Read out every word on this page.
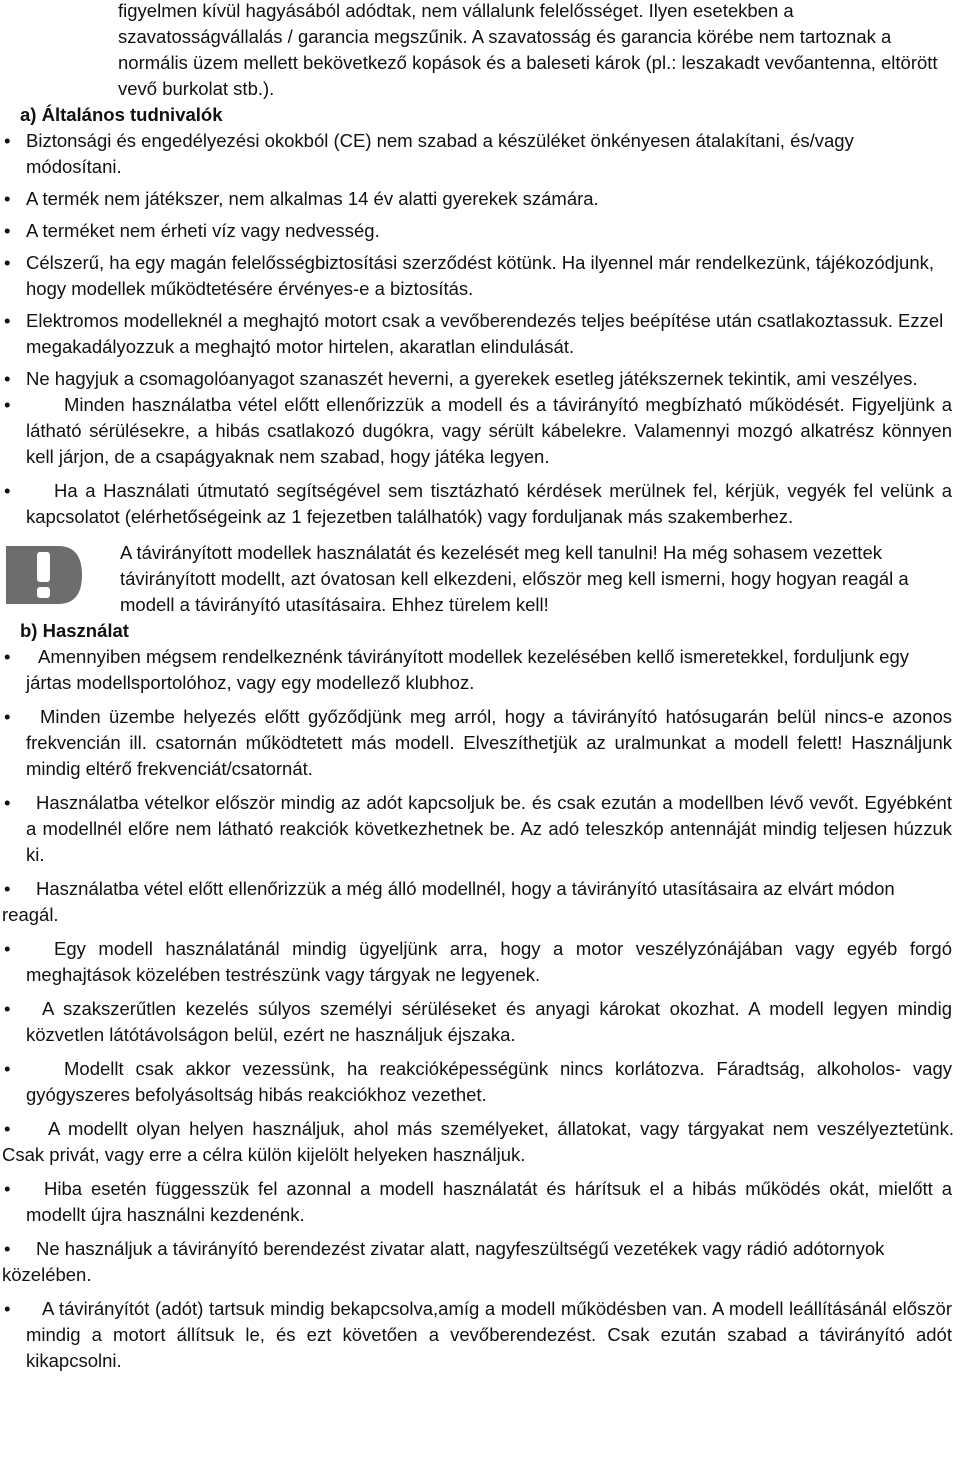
figyelmen kívül hagyásából adódtak, nem vállalunk felelősséget. Ilyen esetekben a szavatosságvállalás / garancia megszűnik. A szavatosság és garancia körébe nem tartoznak a normális üzem mellett bekövetkező kopások és a baleseti károk (pl.: leszakadt vevőantenna, eltörött vevő burkolat stb.).

a) Általános tudnivalók

• Biztonsági és engedélyezési okokból (CE) nem szabad a készüléket önkényesen átalakítani, és/vagy módosítani.

• A termék nem játékszer, nem alkalmas 14 év alatti gyerekek számára.

• A terméket nem érheti víz vagy nedvesség.

• Célszerű, ha egy magán felelősségbiztosítási szerződést kötünk. Ha ilyennel már rendelkezünk, tájékozódjunk, hogy modellek működtetésére érvényes-e a biztosítás.

• Elektromos modelleknél a meghajtó motort csak a vevőberendezés teljes beépítése után csatlakoztassuk. Ezzel megakadályozzuk a meghajtó motor hirtelen, akaratlan elindulását.

• Ne hagyjuk a csomagolóanyagot szanaszét heverni, a gyerekek esetleg játékszernek tekintik, ami veszélyes.

•	Minden használatba vétel előtt ellenőrizzük a modell és a távirányító megbízható működését. Figyeljünk a látható sérülésekre, a hibás csatlakozó dugókra, vagy sérült kábelekre. Valamennyi mozgó alkatrész könnyen kell járjon, de a csapágyaknak nem szabad, hogy játéka legyen.

•	Ha a Használati útmutató segítségével sem tisztázható kérdések merülnek fel, kérjük, vegyék fel velünk a kapcsolatot (elérhetőségeink az 1 fejezetben találhatók) vagy forduljanak más szakemberhez.

A távirányított modellek használatát és kezelését meg kell tanulni! Ha még sohasem vezettek távirányított modellt, azt óvatosan kell elkezdeni, először meg kell ismerni, hogy hogyan reagál a modell a távirányító utasításaira. Ehhez türelem kell!

b) Használat

•	Amennyiben mégsem rendelkeznénk távirányított modellek kezelésében kellő ismeretekkel, forduljunk egy jártas modellsportolóhoz, vagy egy modellező klubhoz.

•	Minden üzembe helyezés előtt győződjünk meg arról, hogy a távirányító hatósugarán belül nincs-e azonos frekvencián ill. csatornán működtetett más modell. Elveszíthetjük az uralmunkat a modell felett! Használjunk mindig eltérő frekvenciát/csatornát.

•	Használatba vételkor először mindig az adót kapcsoljuk be. és csak ezután a modellben lévő vevőt. Egyébként a modellnél előre nem látható reakciók következhetnek be. Az adó teleszkóp antennáját mindig teljesen húzzuk ki.

•	Használatba vétel előtt ellenőrizzük a még álló modellnél, hogy a távirányító utasításaira az elvárt módon reagál.

•	Egy modell használatánál mindig ügyeljünk arra, hogy a motor veszélyzónájában vagy egyéb forgó meghajtások közelében testrészünk vagy tárgyak ne legyenek.

•	A szakszerűtlen kezelés súlyos személyi sérüléseket és anyagi károkat okozhat. A modell legyen mindig közvetlen látótávolságon belül, ezért ne használjuk éjszaka.

•	Modellt csak akkor vezessünk, ha reakcióképességünk nincs korlátozva. Fáradtság, alkoholos- vagy gyógyszeres befolyásoltság hibás reakciókhoz vezethet.

•	A modellt olyan helyen használjuk, ahol más személyeket, állatokat, vagy tárgyakat nem veszélyeztetünk. Csak privát, vagy erre a célra külön kijelölt helyeken használjuk.

•	Hiba esetén függesszük fel azonnal a modell használatát és hárítsuk el a hibás működés okát, mielőtt a modellt újra használni kezdenénk.

•	Ne használjuk a távirányító berendezést zivatar alatt, nagyfeszültségű vezetékek vagy rádió adótornyok közelében.

•	A távirányítót (adót) tartsuk mindig bekapcsolva,amíg a modell működésben van. A modell leállításánál először mindig a motort állítsuk le, és ezt követően a vevőberendezést. Csak ezután szabad a távirányító adót kikapcsolni.
